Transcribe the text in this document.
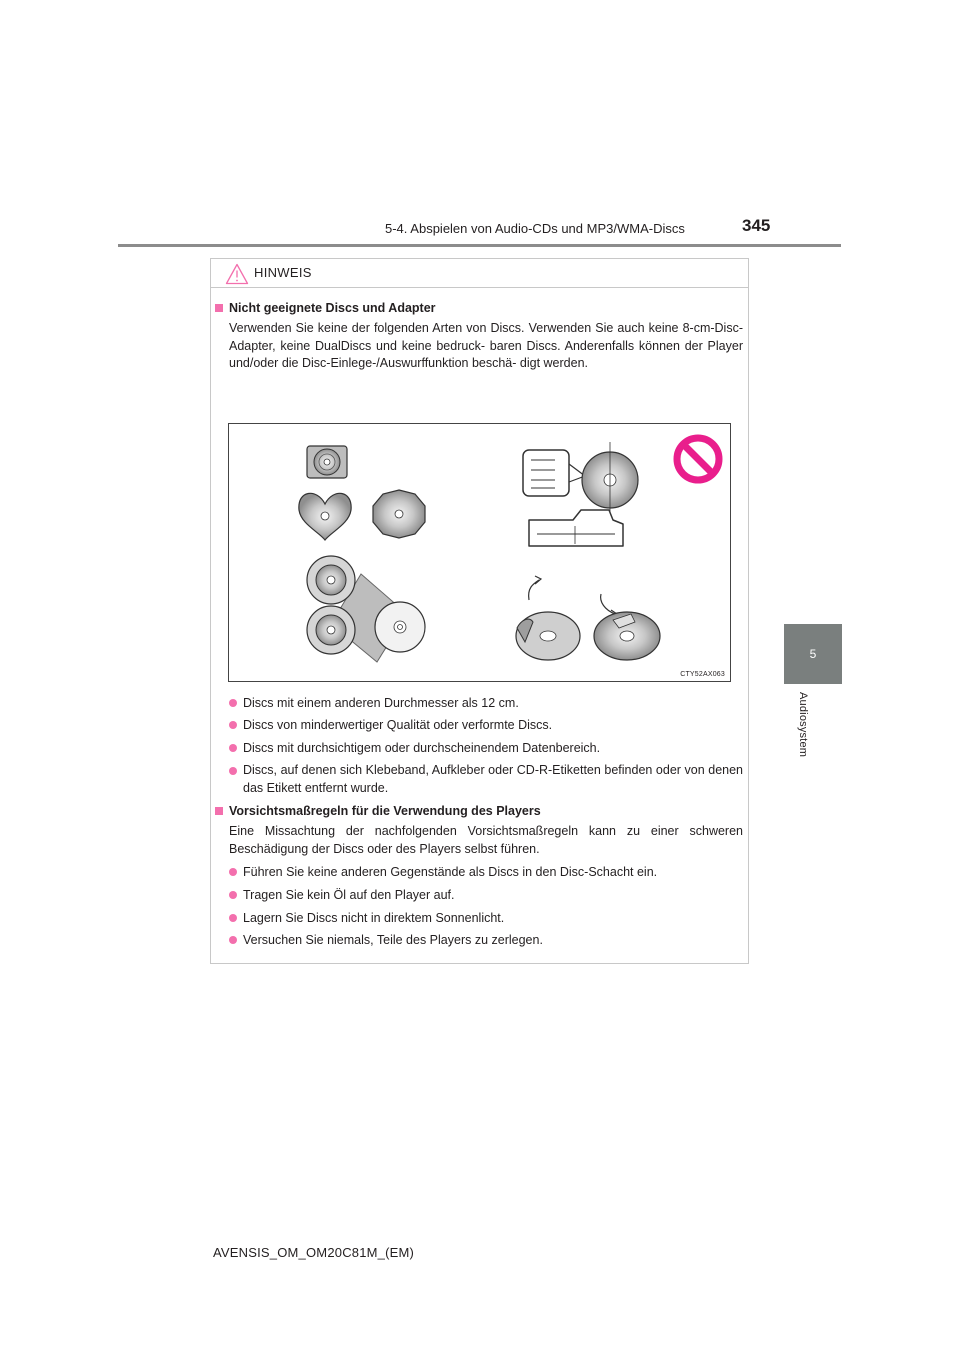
5-4. Abspielen von Audio-CDs und MP3/WMA-Discs	345
5
Audiosystem
HINWEIS
Nicht geeignete Discs und Adapter
Verwenden Sie keine der folgenden Arten von Discs. Verwenden Sie auch keine 8-cm-Disc-Adapter, keine DualDiscs und keine bedruck- baren Discs. Anderenfalls können der Player und/oder die Disc-Einlege-/Auswurffunktion beschä- digt werden.
CTY52AX063
Discs mit einem anderen Durchmesser als 12 cm.
Discs von minderwertiger Qualität oder verformte Discs.
Discs mit durchsichtigem oder durchscheinendem Datenbereich.
Discs, auf denen sich Klebeband, Aufkleber oder CD-R-Etiketten befinden oder von denen das Etikett entfernt wurde.
Vorsichtsmaßregeln für die Verwendung des Players
Eine Missachtung der nachfolgenden Vorsichtsmaßregeln kann zu einer schweren Beschädigung der Discs oder des Players selbst führen.
Führen Sie keine anderen Gegenstände als Discs in den Disc-Schacht ein.
Tragen Sie kein Öl auf den Player auf.
Lagern Sie Discs nicht in direktem Sonnenlicht.
Versuchen Sie niemals, Teile des Players zu zerlegen.
AVENSIS_OM_OM20C81M_(EM)
